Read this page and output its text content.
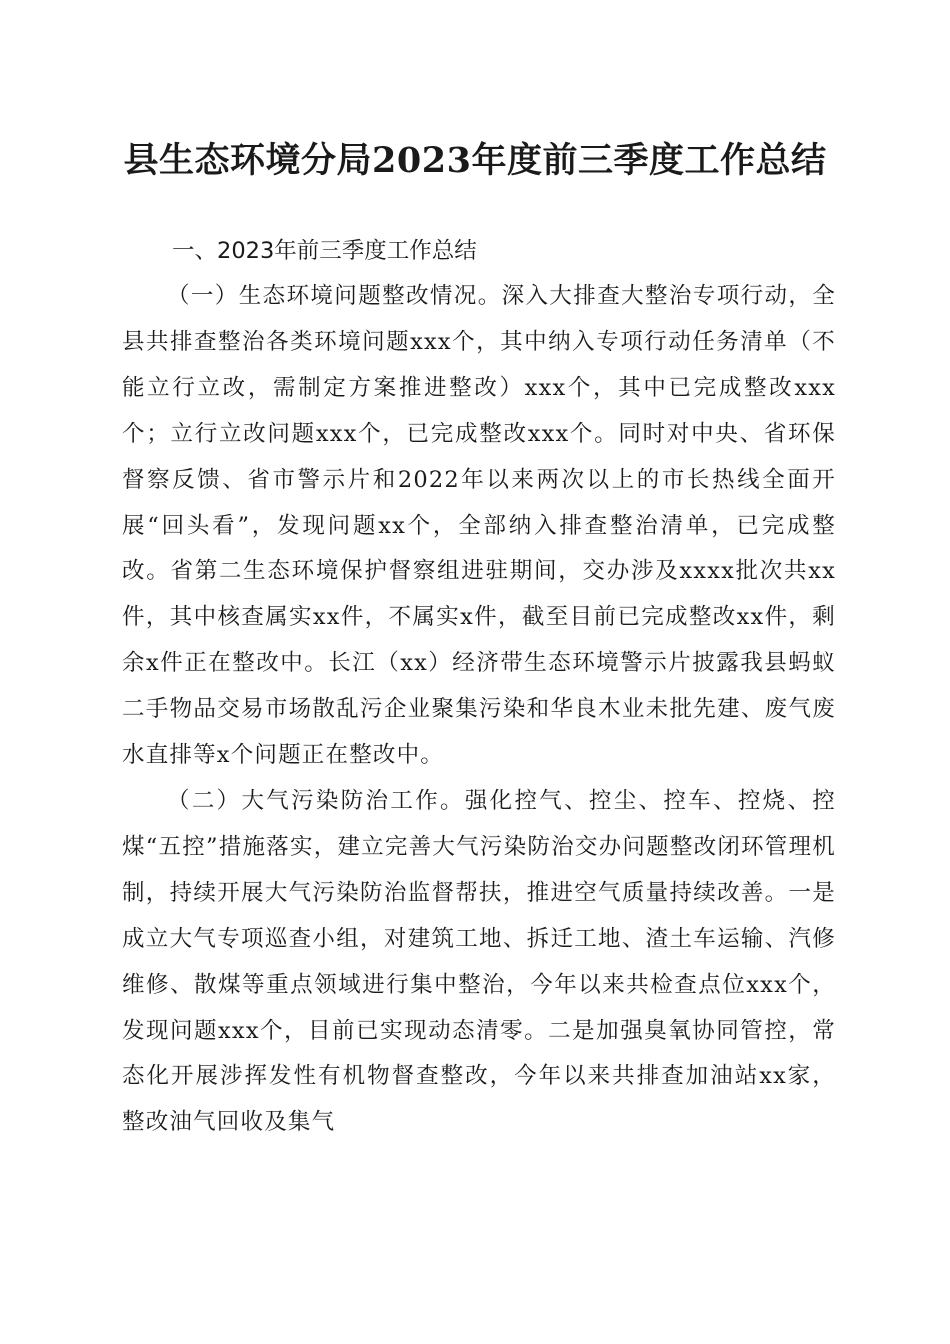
县生态环境分局2023年度前三季度工作总结
一、2023年前三季度工作总结

（一）生态环境问题整改情况。深入大排查大整治专项行动，全县共排查整治各类环境问题xxx个，其中纳入专项行动任务清单（不能立行立改，需制定方案推进整改）xxx个，其中已完成整改xxx个；立行立改问题xxx个，已完成整改xxx个。同时对中央、省环保督察反馈、省市警示片和2022年以来两次以上的市长热线全面开展“回头看”，发现问题xx个，全部纳入排查整治清单，已完成整改。省第二生态环境保护督察组进驻期间，交办涉及xxxx批次共xx件，其中核查属实xx件，不属实x件，截至目前已完成整改xx件，剩余x件正在整改中。长江（xx）经济带生态环境警示片披露我县蚂蚁二手物品交易市场散乱污企业聚集污染和华良木业未批先建、废气废水直排等x个问题正在整改中。

（二）大气污染防治工作。强化控气、控尘、控车、控烧、控煤“五控”措施落实，建立完善大气污染防治交办问题整改闭环管理机制，持续开展大气污染防治监督帮扶，推进空气质量持续改善。一是成立大气专项巡查小组，对建筑工地、拆迁工地、渣土车运输、汽修维修、散煤等重点领域进行集中整治，今年以来共检查点位xxx个，发现问题xxx个，目前已实现动态清零。二是加强臭氧协同管控，常态化开展涉挥发性有机物督查整改，今年以来共排查加油站xx家，整改油气回收及集气
